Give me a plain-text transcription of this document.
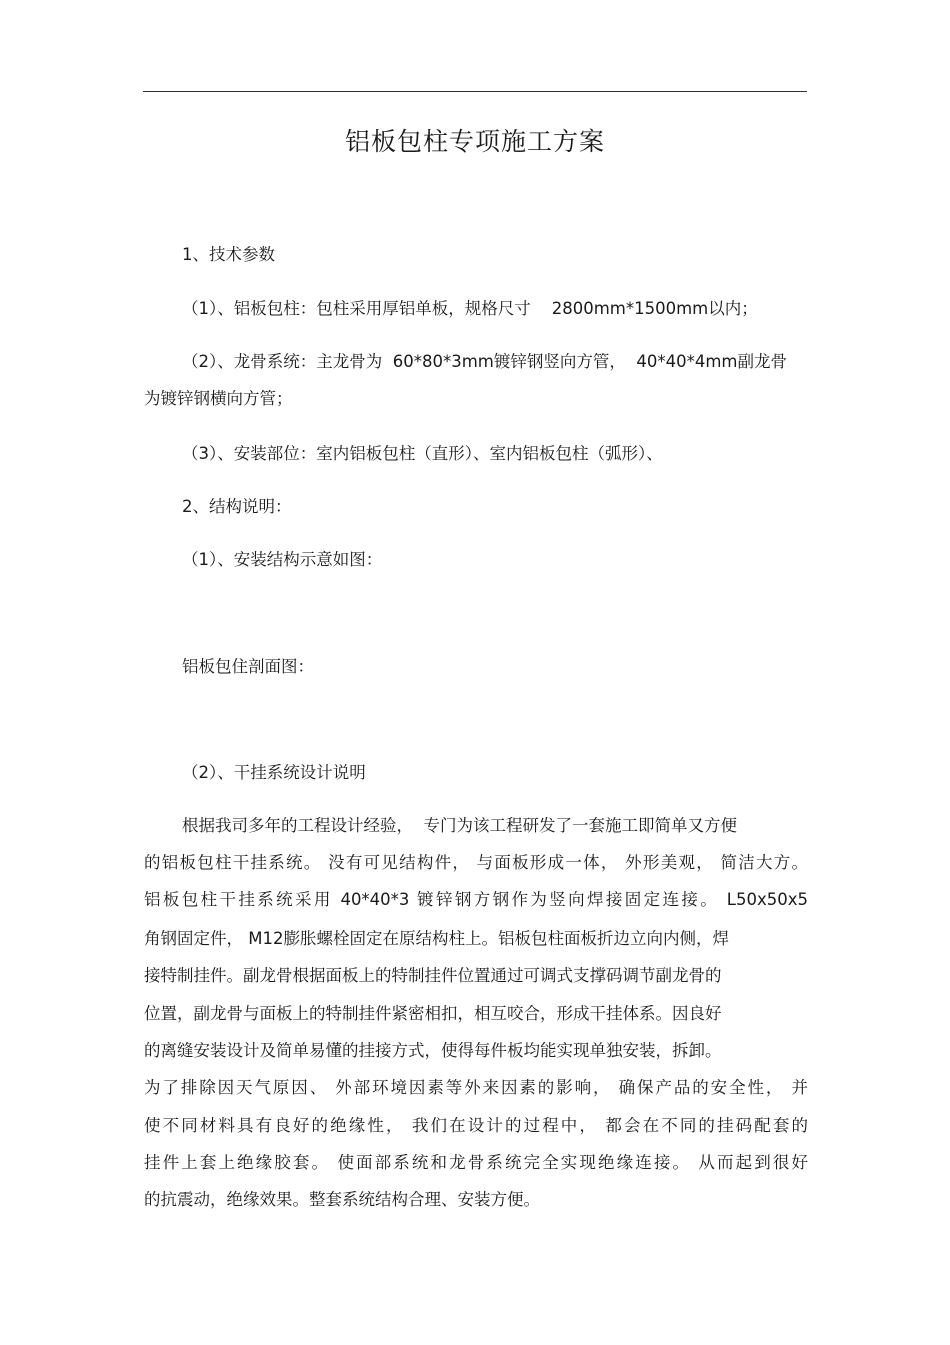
铝板包柱专项施工方案
1、技术参数
（1）、铝板包柱：包柱采用厚铝单板，规格尺寸    2800mm*1500mm以内；
（2）、龙骨系统：主龙骨为  60*80*3mm镀锌钢竖向方管，  40*40*4mm副龙骨
为镀锌钢横向方管；
（3）、安装部位：室内铝板包柱（直形）、室内铝板包柱（弧形）、
2、结构说明：
（1）、安装结构示意如图：
铝板包住剖面图：
（2）、干挂系统设计说明
根据我司多年的工程设计经验，  专门为该工程研发了一套施工即简单又方便
的铝板包柱干挂系统。 没有可见结构件， 与面板形成一体， 外形美观， 简洁大方。
铝板包柱干挂系统采用 40*40*3 镀锌钢方钢作为竖向焊接固定连接。 L50x50x5
角钢固定件， M12膨胀螺栓固定在原结构柱上。铝板包柱面板折边立向内侧，焊
接特制挂件。副龙骨根据面板上的特制挂件位置通过可调式支撑码调节副龙骨的
位置，副龙骨与面板上的特制挂件紧密相扣，相互咬合，形成干挂体系。因良好
的离缝安装设计及简单易懂的挂接方式，使得每件板均能实现单独安装，拆卸。
为了排除因天气原因、 外部环境因素等外来因素的影响， 确保产品的安全性， 并
使不同材料具有良好的绝缘性， 我们在设计的过程中， 都会在不同的挂码配套的
挂件上套上绝缘胶套。 使面部系统和龙骨系统完全实现绝缘连接。 从而起到很好
的抗震动，绝缘效果。整套系统结构合理、安装方便。
